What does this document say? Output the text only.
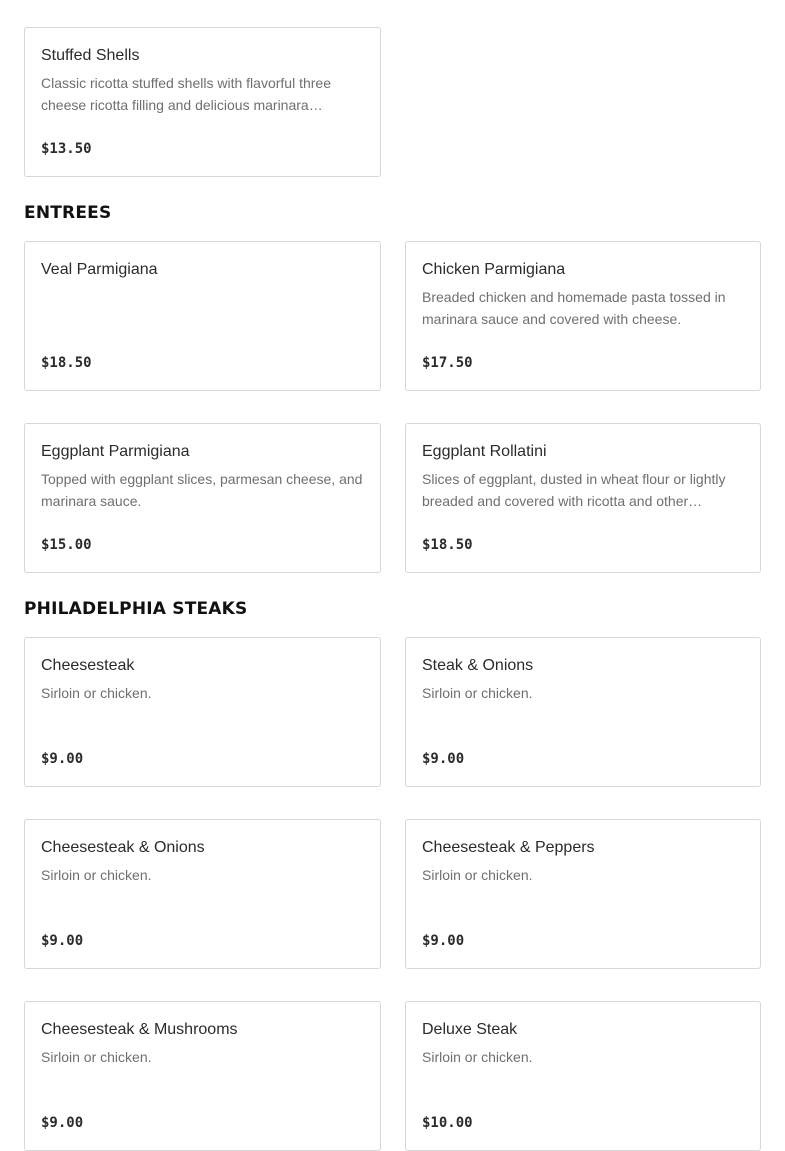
Stuffed Shells
Classic ricotta stuffed shells with flavorful three cheese ricotta filling and delicious marinara…
$13.50
ENTREES
Veal Parmigiana
$18.50
Chicken Parmigiana
Breaded chicken and homemade pasta tossed in marinara sauce and covered with cheese.
$17.50
Eggplant Parmigiana
Topped with eggplant slices, parmesan cheese, and marinara sauce.
$15.00
Eggplant Rollatini
Slices of eggplant, dusted in wheat flour or lightly breaded and covered with ricotta and other…
$18.50
PHILADELPHIA STEAKS
Cheesesteak
Sirloin or chicken.
$9.00
Steak & Onions
Sirloin or chicken.
$9.00
Cheesesteak & Onions
Sirloin or chicken.
$9.00
Cheesesteak & Peppers
Sirloin or chicken.
$9.00
Cheesesteak & Mushrooms
Sirloin or chicken.
$9.00
Deluxe Steak
Sirloin or chicken.
$10.00
